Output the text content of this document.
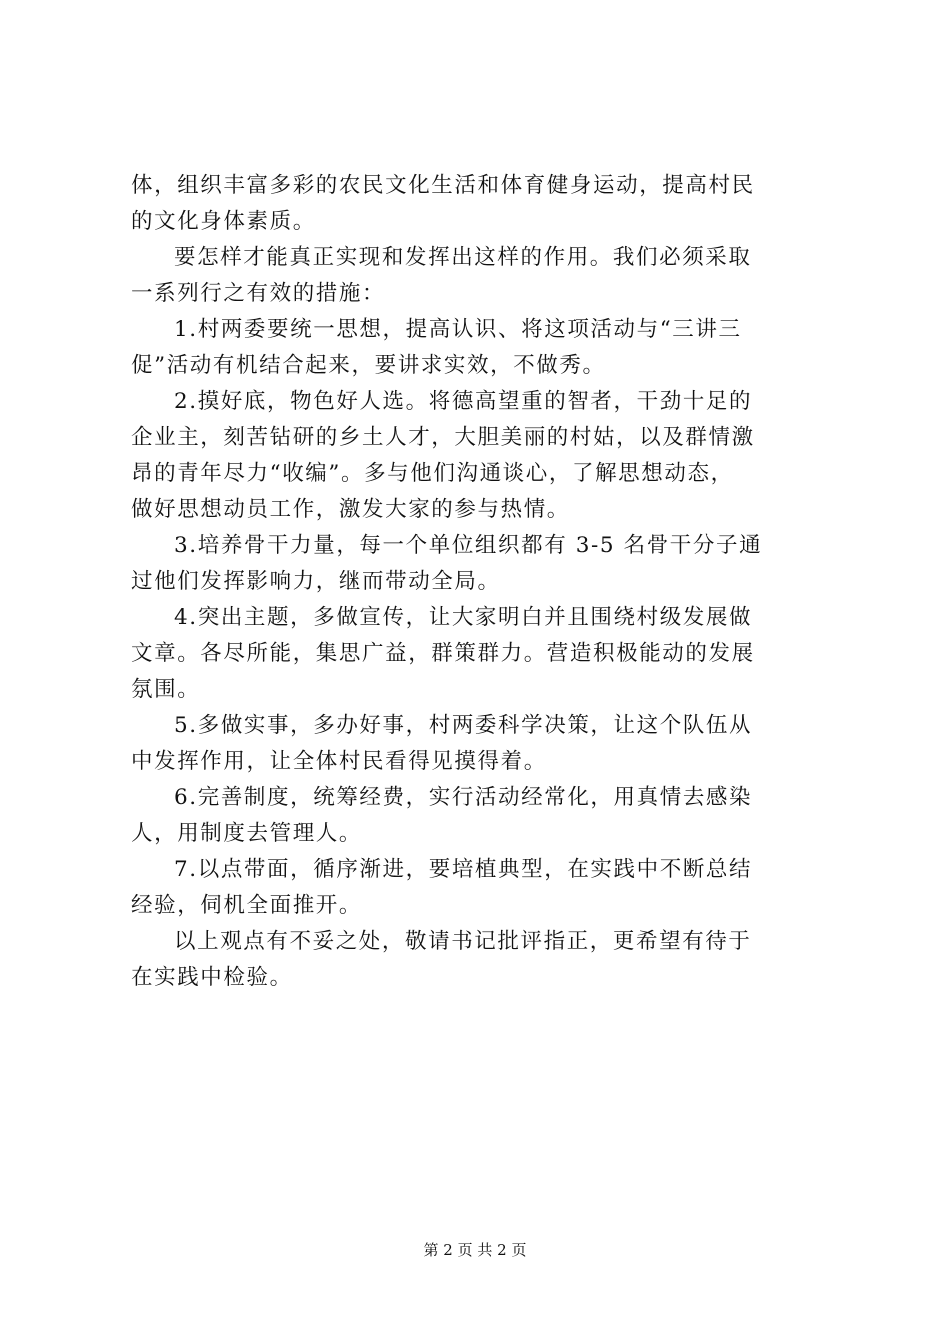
体，组织丰富多彩的农民文化生活和体育健身运动，提高村民
的文化身体素质。
要怎样才能真正实现和发挥出这样的作用。我们必须采取
一系列行之有效的措施：
1.村两委要统一思想，提高认识、将这项活动与“三讲三
促”活动有机结合起来，要讲求实效，不做秀。
2.摸好底，物色好人选。将德高望重的智者，干劲十足的
企业主，刻苦钻研的乡土人才，大胆美丽的村姑，以及群情激
昂的青年尽力“收编”。多与他们沟通谈心，了解思想动态，
做好思想动员工作，激发大家的参与热情。
3.培养骨干力量，每一个单位组织都有 3-5 名骨干分子通
过他们发挥影响力，继而带动全局。
4.突出主题，多做宣传，让大家明白并且围绕村级发展做
文章。各尽所能，集思广益，群策群力。营造积极能动的发展
氛围。
5.多做实事，多办好事，村两委科学决策，让这个队伍从
中发挥作用，让全体村民看得见摸得着。
6.完善制度，统筹经费，实行活动经常化，用真情去感染
人，用制度去管理人。
7.以点带面，循序渐进，要培植典型，在实践中不断总结
经验，伺机全面推开。
以上观点有不妥之处，敬请书记批评指正，更希望有待于
在实践中检验。
第 2 页 共 2 页
